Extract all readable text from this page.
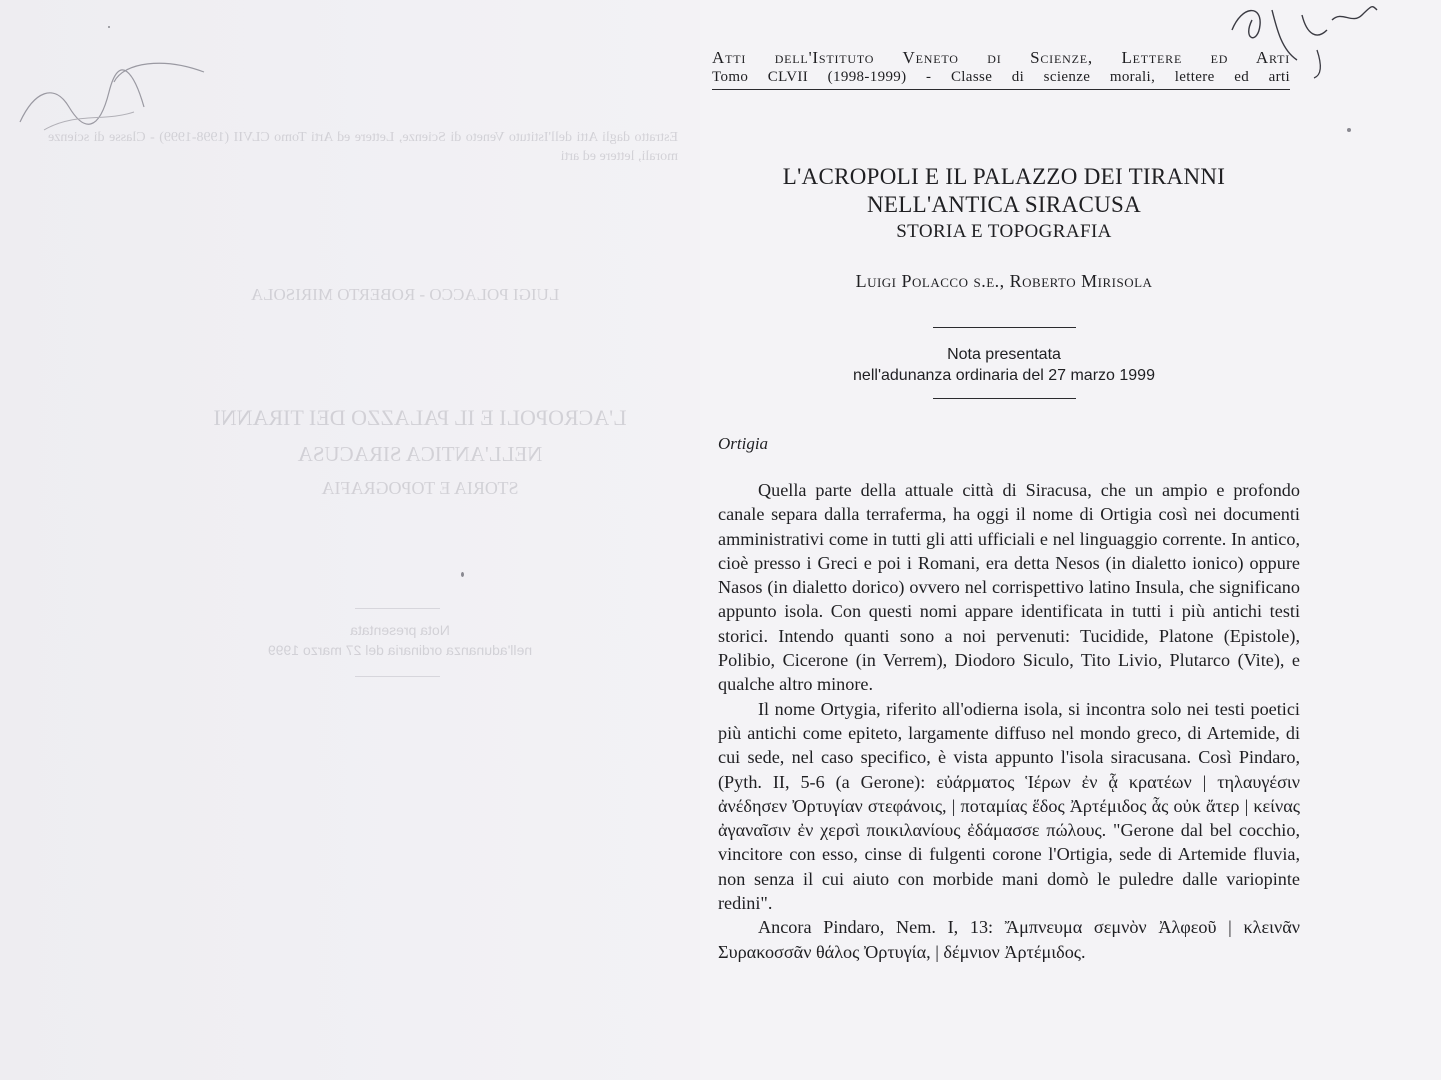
Estratto dagli Atti dell'Istituto Veneto di Scienze, Lettere ed Arti Tomo CLVII (1998-1999) - Classe di scienze morali, lettere ed arti
LUIGI POLACCO - ROBERTO MIRISOLA
L'ACROPOLI E IL PALAZZO DEI TIRANNI
NELL'ANTICA SIRACUSA
STORIA E TOPOGRAFIA
Nota presentata
nell'adunanza ordinaria del 27 marzo 1999
Atti dell'Istituto Veneto di Scienze, Lettere ed Arti
Tomo CLVII (1998-1999) - Classe di scienze morali, lettere ed arti
L'ACROPOLI E IL PALAZZO DEI TIRANNI
NELL'ANTICA SIRACUSA
STORIA E TOPOGRAFIA
Luigi Polacco s.e., Roberto Mirisola
Nota presentata
nell'adunanza ordinaria del 27 marzo 1999
Ortigia

Quella parte della attuale città di Siracusa, che un ampio e profondo canale separa dalla terraferma, ha oggi il nome di Ortigia così nei documenti amministrativi come in tutti gli atti ufficiali e nel linguaggio corrente. In antico, cioè presso i Greci e poi i Romani, era detta Nesos (in dialetto ionico) oppure Nasos (in dialetto dorico) ovvero nel corrispettivo latino Insula, che significano appunto isola. Con questi nomi appare identificata in tutti i più antichi testi storici. Intendo quanti sono a noi pervenuti: Tucidide, Platone (Epistole), Polibio, Cicerone (in Verrem), Diodoro Siculo, Tito Livio, Plutarco (Vite), e qualche altro minore.

Il nome Ortygia, riferito all'odierna isola, si incontra solo nei testi poetici più antichi come epiteto, largamente diffuso nel mondo greco, di Artemide, di cui sede, nel caso specifico, è vista appunto l'isola siracusana. Così Pindaro, (Pyth. II, 5-6 (a Gerone): εὐάρματος Ἱέρων ἐν ᾇ κρατέων | τηλαυγέσιν ἀνέδησεν Ὀρτυγίαν στεφάνοις, | ποταμίας ἕδος Ἀρτέμιδος ἇς οὐκ ἄτερ | κείνας ἀγαναῖσιν ἐν χερσὶ ποικιλανίους ἐδάμασσε πώλους. "Gerone dal bel cocchio, vincitore con esso, cinse di fulgenti corone l'Ortigia, sede di Artemide fluvia, non senza il cui aiuto con morbide mani domò le puledre dalle variopinte redini".

Ancora Pindaro, Nem. I, 13: Ἄμπνευμα σεμνὸν Ἀλφεοῦ | κλεινᾶν Συρακοσσᾶν θάλος Ὀρτυγία, | δέμνιον Ἀρτέμιδος.
